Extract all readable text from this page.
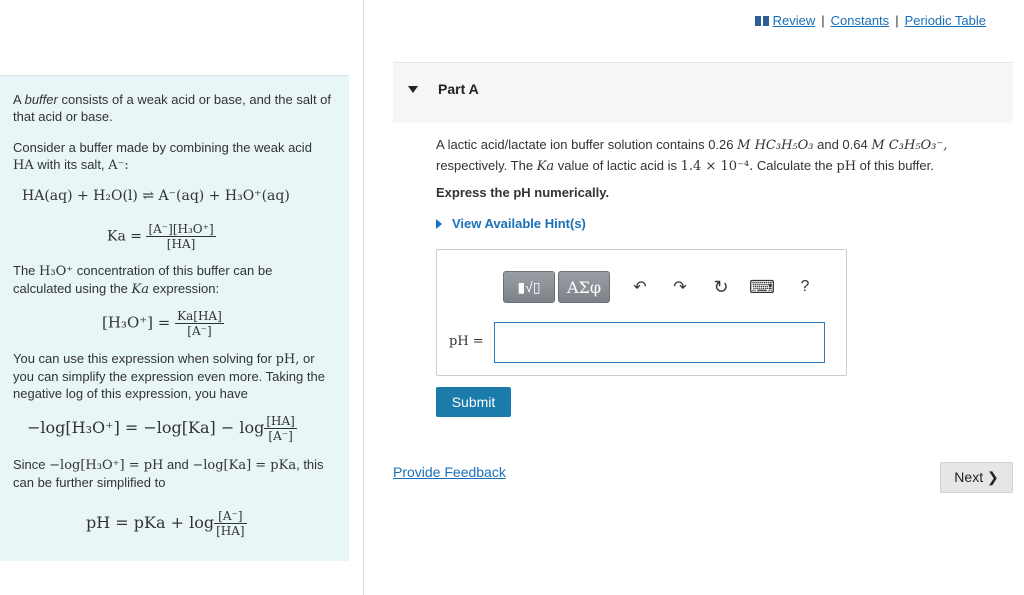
A buffer consists of a weak acid or base, and the salt of that acid or base.
Consider a buffer made by combining the weak acid HA with its salt, A⁻:
HA(aq) + H₂O(l) ⇌ A⁻(aq) + H₃O⁺(aq)
$Ka = \frac{\text{[A⁻][H₃O⁺]}}{[HA]}$
The H₃O⁺ concentration of this buffer can be calculated using the Ka expression:
$[H_3O^+] = \frac{Ka[HA]}{[A^-]}$
You can use this expression when solving for pH, or you can simplify the expression even more. Taking the negative log of this expression, you have
$-\log[H_3O^+] = -\log[Ka] - \log \frac{[HA]}{[A^-]}$
Since −log[H₃O⁺] = pH and −log[Ka] = pKa, this can be further simplified to
pH = pKa + $\log \frac{[A^-]}{[HA]}$
Review | Constants | Periodic Table
Part A
A lactic acid/lactate ion buffer solution contains 0.26 M HC₃H₅O₃ and 0.64 M C₃H₅O₃⁻, respectively. The Ka value of lactic acid is 1.4 × 10⁻⁴. Calculate the pH of this buffer.
Express the pH numerically.
View Available Hint(s)
▮√▯	ΑΣφ	↶ ↷ ↻ ⌨	?
pH =
Submit
Provide Feedback	Next ❯
